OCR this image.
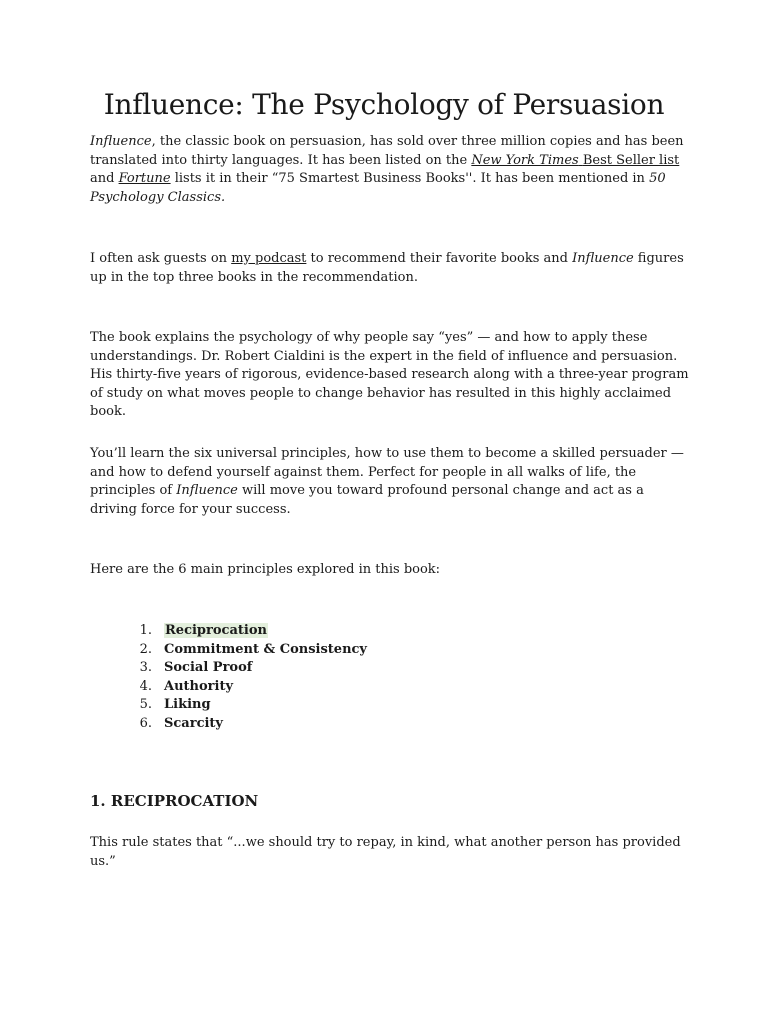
Influence: The Psychology of Persuasion

Influence, the classic book on persuasion, has sold over three million copies and has been translated into thirty languages. It has been listed on the New York Times Best Seller list and Fortune lists it in their “75 Smartest Business Books''. It has been mentioned in 50 Psychology Classics.

I often ask guests on my podcast to recommend their favorite books and Influence figures up in the top three books in the recommendation.

The book explains the psychology of why people say “yes” — and how to apply these understandings. Dr. Robert Cialdini is the expert in the field of influence and persuasion. His thirty-five years of rigorous, evidence-based research along with a three-year program of study on what moves people to change behavior has resulted in this highly acclaimed book.

You’ll learn the six universal principles, how to use them to become a skilled persuader — and how to defend yourself against them. Perfect for people in all walks of life, the principles of Influence will move you toward profound personal change and act as a driving force for your success.

Here are the 6 main principles explored in this book:

1. Reciprocation
2. Commitment & Consistency
3. Social Proof
4. Authority
5. Liking
6. Scarcity
1. RECIPROCATION

This rule states that “...we should try to repay, in kind, what another person has provided us.”
